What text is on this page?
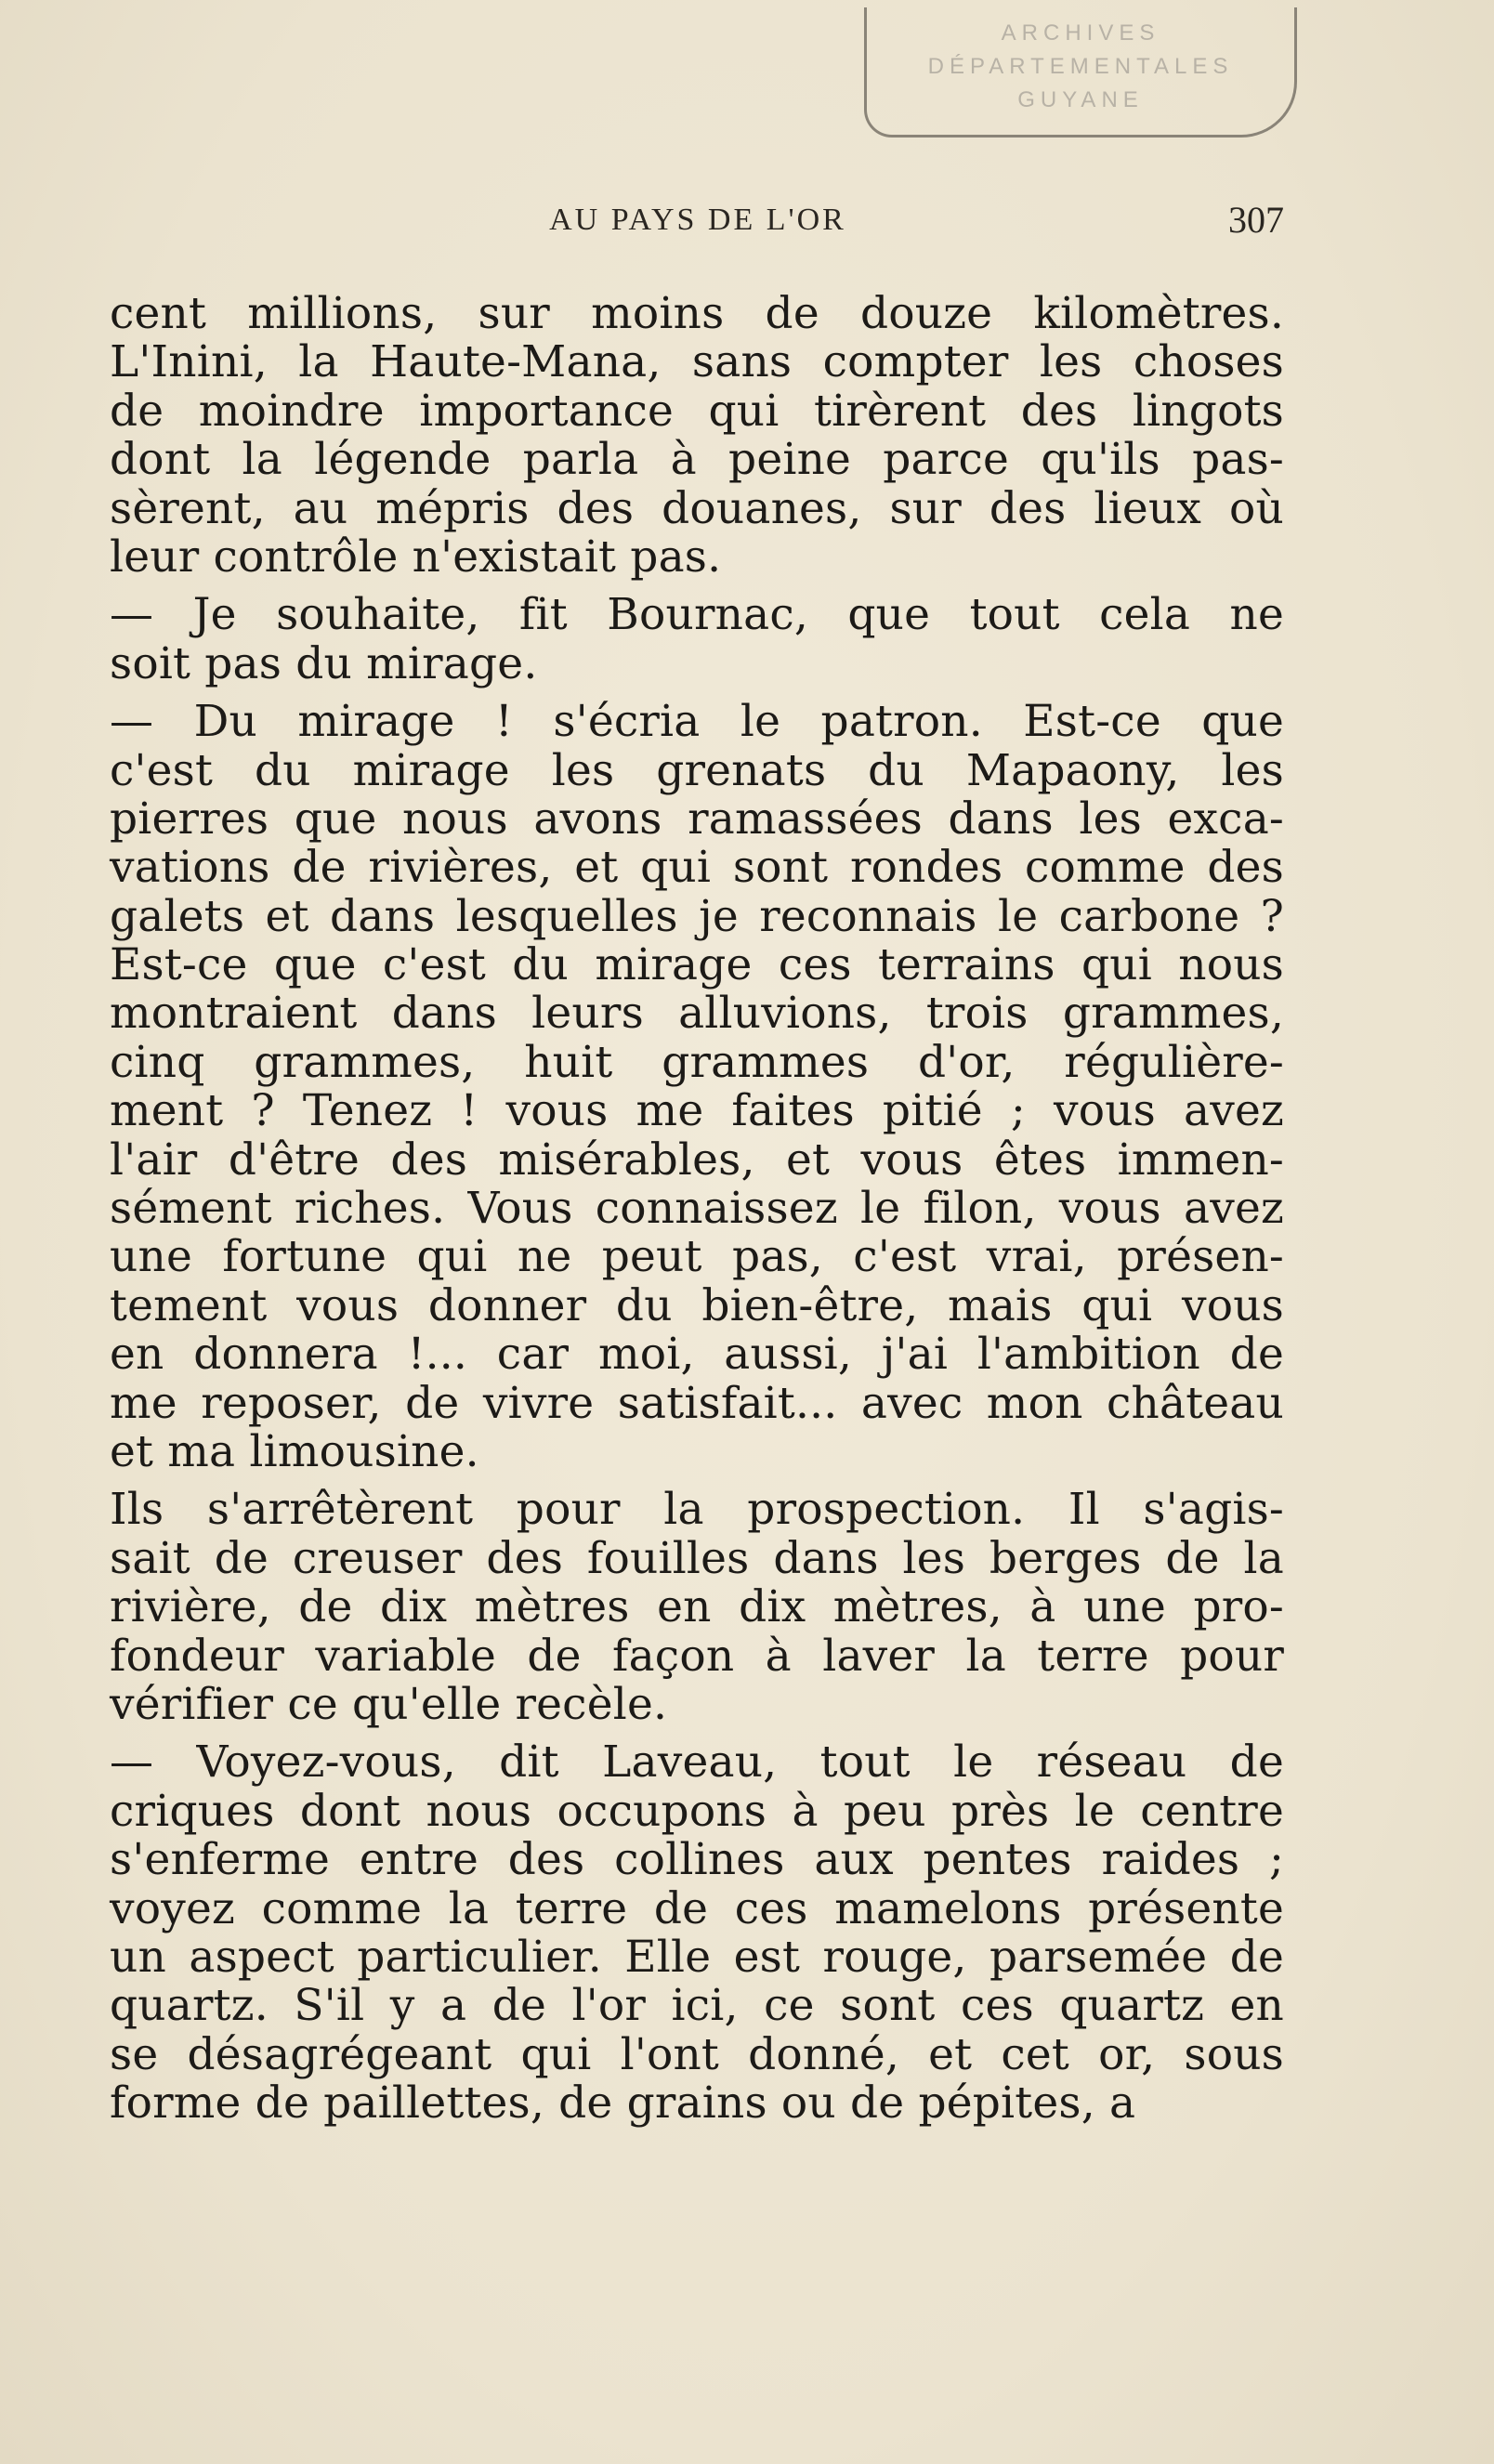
ARCHIVES
DÉPARTEMENTALES
GUYANE
AU PAYS DE L'OR	307
cent millions, sur moins de douze kilomètres.
L'Inini, la Haute-Mana, sans compter les choses
de moindre importance qui tirèrent des lingots
dont la légende parla à peine parce qu'ils pas-
sèrent, au mépris des douanes, sur des lieux où
leur contrôle n'existait pas.
— Je souhaite, fit Bournac, que tout cela ne
soit pas du mirage.
— Du mirage ! s'écria le patron. Est-ce que
c'est du mirage les grenats du Mapaony, les
pierres que nous avons ramassées dans les exca-
vations de rivières, et qui sont rondes comme des
galets et dans lesquelles je reconnais le carbone ?
Est-ce que c'est du mirage ces terrains qui nous
montraient dans leurs alluvions, trois grammes,
cinq grammes, huit grammes d'or, régulière-
ment ? Tenez ! vous me faites pitié ; vous avez
l'air d'être des misérables, et vous êtes immen-
sément riches. Vous connaissez le filon, vous avez
une fortune qui ne peut pas, c'est vrai, présen-
tement vous donner du bien-être, mais qui vous
en donnera !... car moi, aussi, j'ai l'ambition de
me reposer, de vivre satisfait... avec mon château
et ma limousine.
Ils s'arrêtèrent pour la prospection. Il s'agis-
sait de creuser des fouilles dans les berges de la
rivière, de dix mètres en dix mètres, à une pro-
fondeur variable de façon à laver la terre pour
vérifier ce qu'elle recèle.
— Voyez-vous, dit Laveau, tout le réseau de
criques dont nous occupons à peu près le centre
s'enferme entre des collines aux pentes raides ;
voyez comme la terre de ces mamelons présente
un aspect particulier. Elle est rouge, parsemée de
quartz. S'il y a de l'or ici, ce sont ces quartz en
se désagrégeant qui l'ont donné, et cet or, sous
forme de paillettes, de grains ou de pépites, a
